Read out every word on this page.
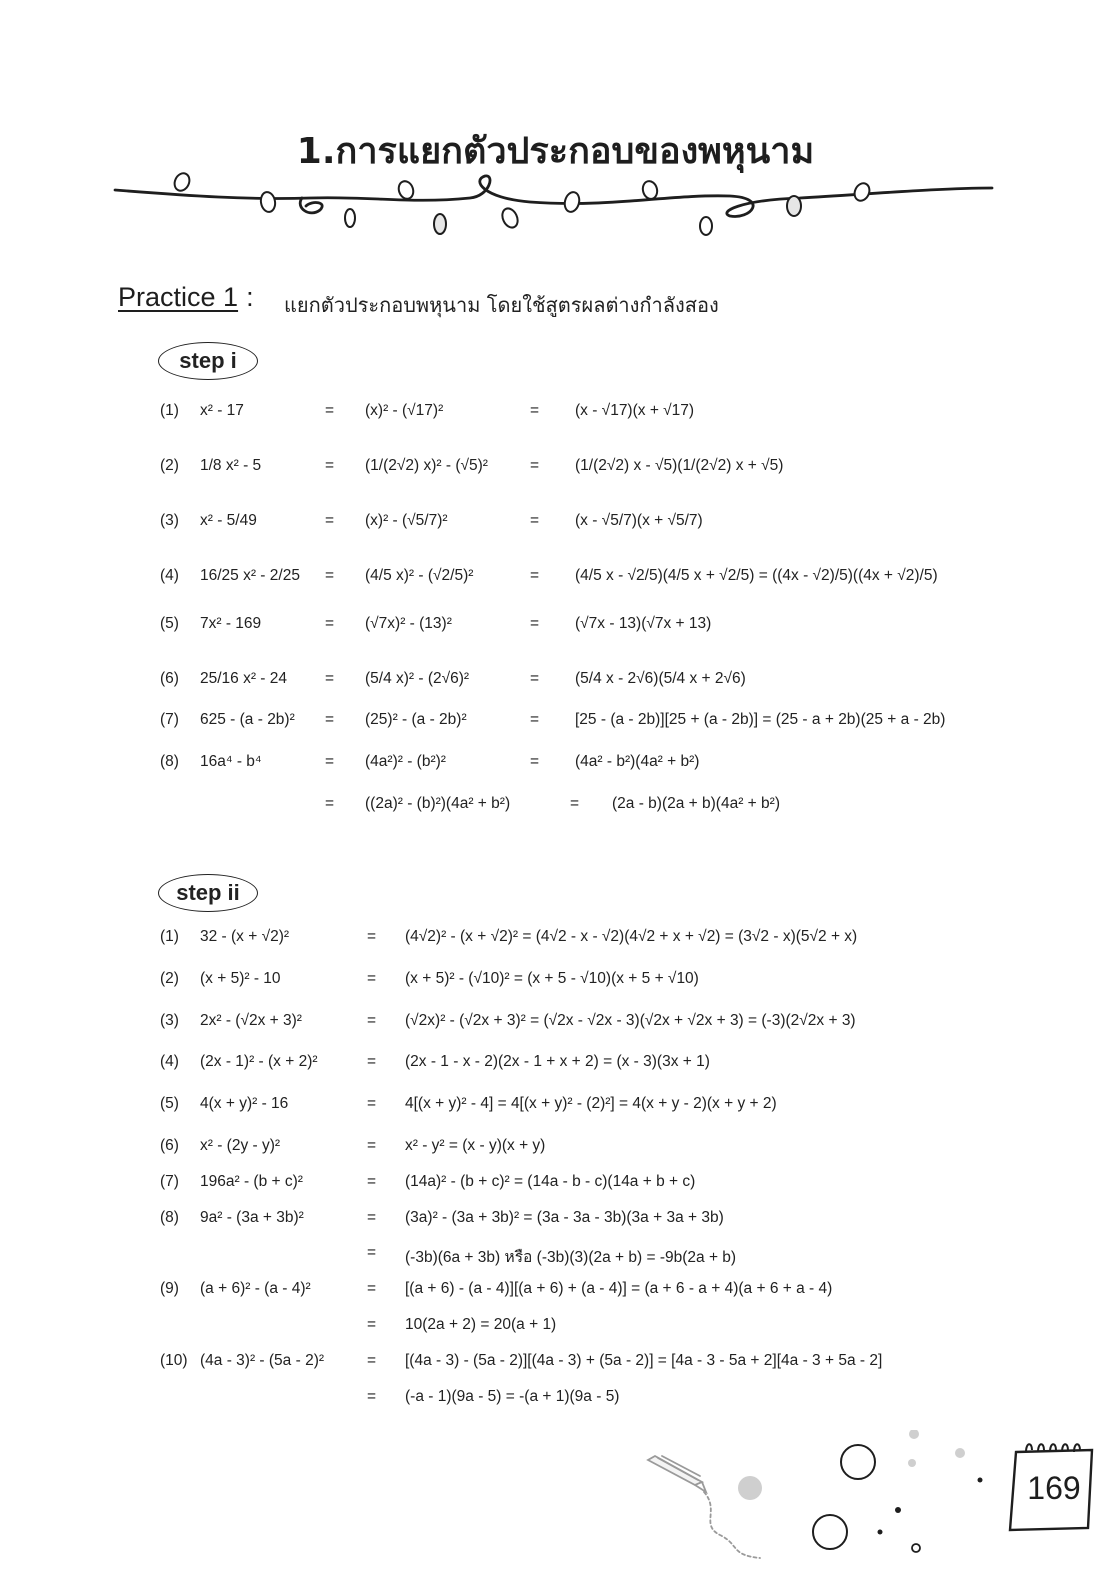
1.การแยกตัวประกอบของพหุนาม
Practice 1 : แยกตัวประกอบพหุนาม โดยใช้สูตรผลต่างกำลังสอง
step i
(1) x² - 17	= (x)² - (√17)²	= (x - √17)(x + √17)
(2) 1/8 x² - 5	= (1/(2√2) x)² - (√5)²	= (1/(2√2) x - √5)(1/(2√2) x + √5)
(3) x² - 5/49	= (x)² - (√5/7)²	= (x - √5/7)(x + √5/7)
(4) 16/25 x² - 2/25 = (4/5 x)² - (√2/5)²	= (4/5 x - √2/5)(4/5 x + √2/5) = ((4x - √2)/5)((4x + √2)/5)
(5) 7x² - 169	= (√7x)² - (13)²	= (√7x - 13)(√7x + 13)
(6) 25/16 x² - 24 = (5/4 x)² - (2√6)²	= (5/4 x - 2√6)(5/4 x + 2√6)
(7) 625 - (a - 2b)² = (25)² - (a - 2b)²	= [25 - (a - 2b)][25 + (a - 2b)] = (25 - a + 2b)(25 + a - 2b)
(8) 16a⁴ - b⁴	= (4a²)² - (b²)²	= (4a² - b²)(4a² + b²)
= ((2a)² - (b)²)(4a² + b²)	= (2a - b)(2a + b)(4a² + b²)
step ii
(1) 32 - (x + √2)²	= (4√2)² - (x + √2)² = (4√2 - x - √2)(4√2 + x + √2) = (3√2 - x)(5√2 + x)
(2) (x + 5)² - 10	= (x + 5)² - (√10)² = (x + 5 - √10)(x + 5 + √10)
(3) 2x² - (√2x + 3)²	= (√2x)² - (√2x + 3)² = (√2x - √2x - 3)(√2x + √2x + 3) = (-3)(2√2x + 3)
(4) (2x - 1)² - (x + 2)²	= (2x - 1 - x - 2)(2x - 1 + x + 2) = (x - 3)(3x + 1)
(5) 4(x + y)² - 16	= 4[(x + y)² - 4] = 4[(x + y)² - (2)²] = 4(x + y - 2)(x + y + 2)
(6) x² - (2y - y)²	= x² - y² = (x - y)(x + y)
(7) 196a² - (b + c)²	= (14a)² - (b + c)² = (14a - b - c)(14a + b + c)
(8) 9a² - (3a + 3b)²	= (3a)² - (3a + 3b)² = (3a - 3a - 3b)(3a + 3a + 3b)
= (-3b)(6a + 3b) หรือ (-3b)(3)(2a + b) = -9b(2a + b)
(9) (a + 6)² - (a - 4)²	= [(a + 6) - (a - 4)][(a + 6) + (a - 4)] = (a + 6 - a + 4)(a + 6 + a - 4)
= 10(2a + 2) = 20(a + 1)
(10) (4a - 3)² - (5a - 2)²	= [(4a - 3) - (5a - 2)][(4a - 3) + (5a - 2)] = [4a - 3 - 5a + 2][4a - 3 + 5a - 2]
= (-a - 1)(9a - 5) = -(a + 1)(9a - 5)
169
